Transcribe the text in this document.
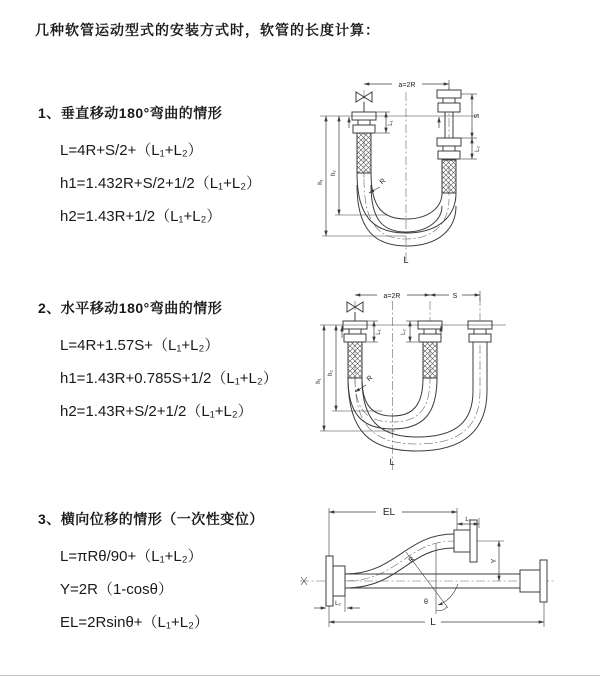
几种软管运动型式的安装方式时，软管的长度计算：
1、垂直移动180°弯曲的情形
L=4R+S/2+（L₁+L₂）
h1=1.432R+S/2+1/2（L₁+L₂）
h2=1.43R+1/2（L₁+L₂）
2、水平移动180°弯曲的情形
L=4R+1.57S+（L₁+L₂）
h1=1.43R+0.785S+1/2（L₁+L₂）
h2=1.43R+S/2+1/2（L₁+L₂）
3、横向位移的情形（一次性变位）
L=πRθ/90+（L₁+L₂）
Y=2R（1-cosθ）
EL=2Rsinθ+（L₁+L₂）
a=2R
S
L₂
L₁
h₁
h₂
R
L
a=2R	S
L₁	L₂
h₁
h₂
R
L
EL
L₁
Y
L
L₂
R
θ
